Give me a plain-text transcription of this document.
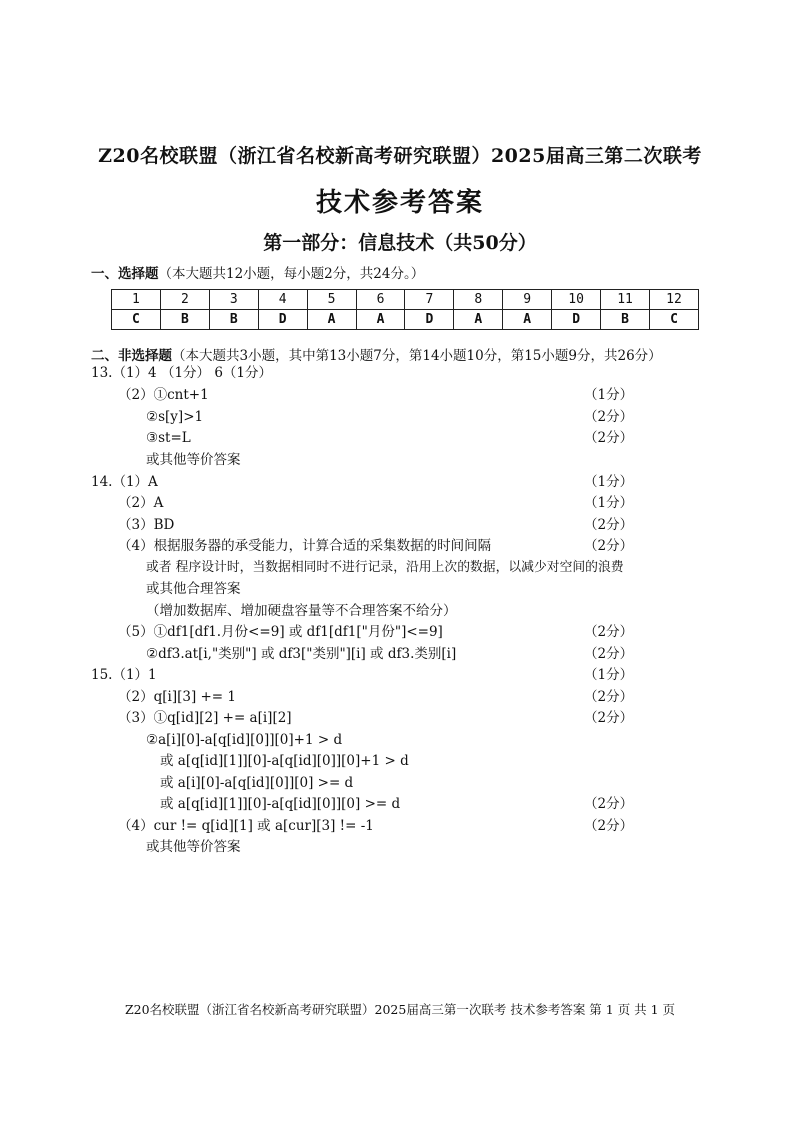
Z20名校联盟（浙江省名校新高考研究联盟）2025届高三第二次联考
技术参考答案
第一部分：信息技术（共50分）
一、选择题（本大题共12小题，每小题2分，共24分。）
1	2	3	4	5	6	7	8	9	10	11	12
C	B	B	D	A	A	D	A	A	D	B	C
二、非选择题（本大题共3小题，其中第13小题7分，第14小题10分，第15小题9分，共26分）
13.（1）4 （1分） 6（1分）
（2）①cnt+1	（1分）
②s[y]>1	（2分）
③st=L	（2分）
或其他等价答案
14.（1）A	（1分）
（2）A	（1分）
（3）BD	（2分）
（4）根据服务器的承受能力，计算合适的采集数据的时间间隔	（2分）
或者 程序设计时，当数据相同时不进行记录，沿用上次的数据，以减少对空间的浪费
或其他合理答案
（增加数据库、增加硬盘容量等不合理答案不给分）
（5）①df1[df1.月份<=9] 或 df1[df1["月份"]<=9]	（2分）
②df3.at[i,"类别"] 或 df3["类别"][i] 或 df3.类别[i]	（2分）
15.（1）1	（1分）
（2）q[i][3] += 1	（2分）
（3）①q[id][2] += a[i][2]	（2分）
②a[i][0]-a[q[id][0]][0]+1 > d
或 a[q[id][1]][0]-a[q[id][0]][0]+1 > d
或 a[i][0]-a[q[id][0]][0] >= d
或 a[q[id][1]][0]-a[q[id][0]][0] >= d	（2分）
（4）cur != q[id][1] 或 a[cur][3] != -1	（2分）
或其他等价答案
Z20名校联盟（浙江省名校新高考研究联盟）2025届高三第一次联考 技术参考答案 第 1 页 共 1 页
